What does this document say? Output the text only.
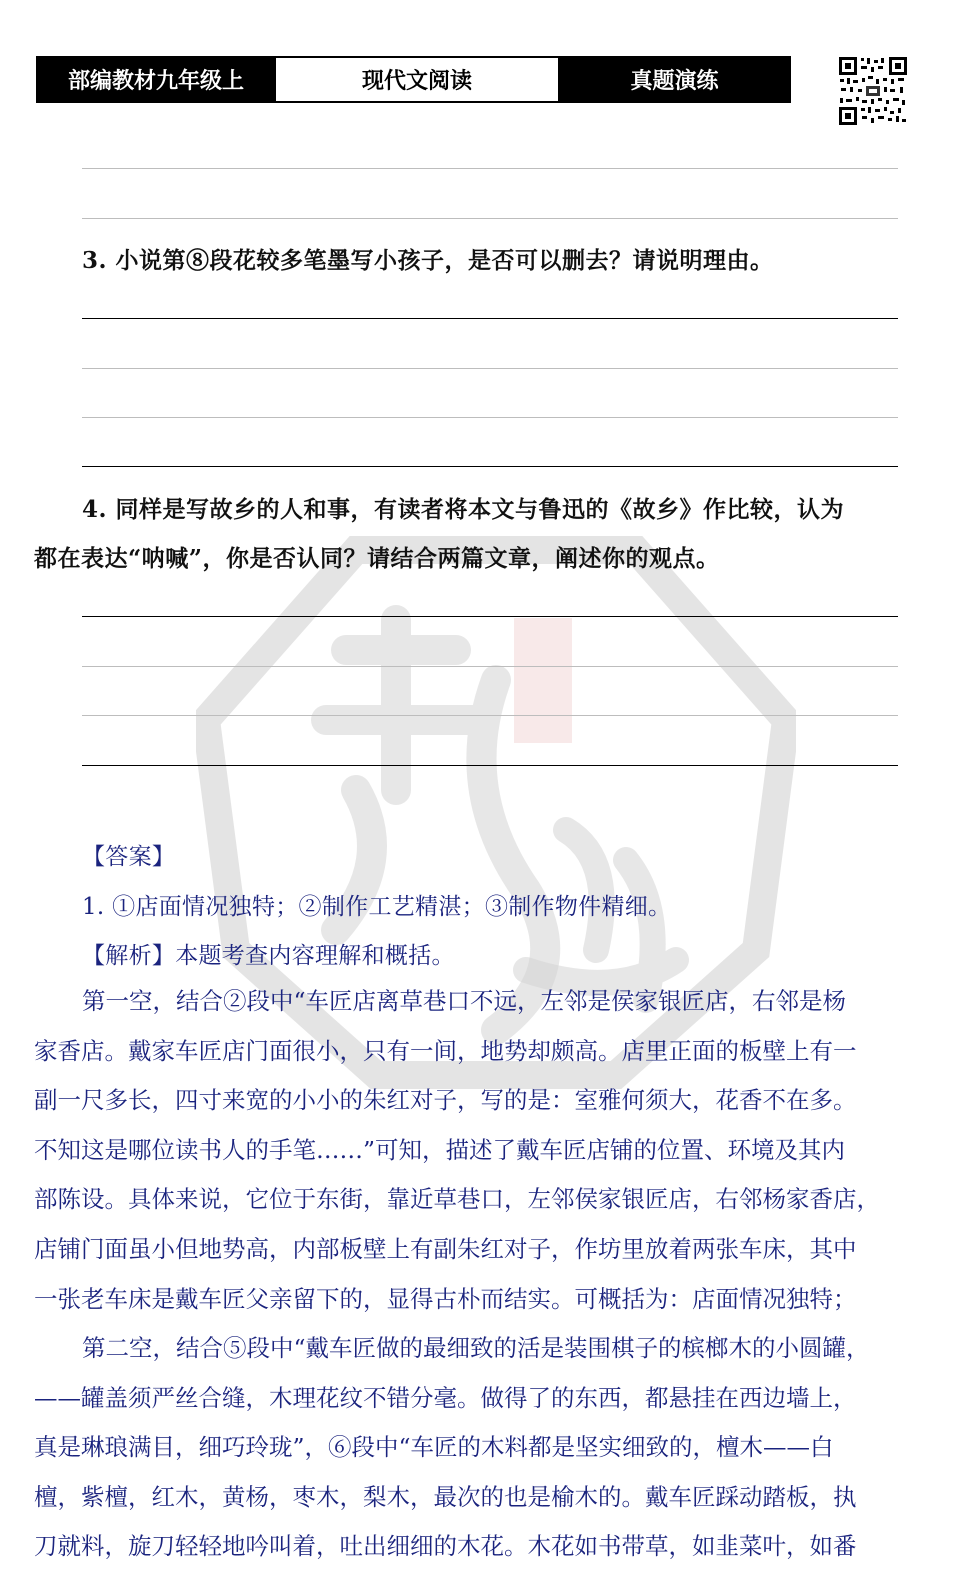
部编教材九年级上	现代文阅读	真题演练
3. 小说第⑧段花较多笔墨写小孩子，是否可以删去？请说明理由。
4. 同样是写故乡的人和事，有读者将本文与鲁迅的《故乡》作比较，认为
都在表达“呐喊”，你是否认同？请结合两篇文章，阐述你的观点。
【答案】
1. ①店面情况独特；②制作工艺精湛；③制作物件精细。
【解析】本题考查内容理解和概括。

第一空，结合②段中“车匠店离草巷口不远，左邻是侯家银匠店，右邻是杨

家香店。戴家车匠店门面很小，只有一间，地势却颇高。店里正面的板壁上有一

副一尺多长，四寸来宽的小小的朱红对子，写的是：室雅何须大，花香不在多。

不知这是哪位读书人的手笔……”可知，描述了戴车匠店铺的位置、环境及其内

部陈设。具体来说，它位于东街，靠近草巷口，左邻侯家银匠店，右邻杨家香店，

店铺门面虽小但地势高，内部板壁上有副朱红对子，作坊里放着两张车床，其中

一张老车床是戴车匠父亲留下的，显得古朴而结实。可概括为：店面情况独特；

第二空，结合⑤段中“戴车匠做的最细致的活是装围棋子的槟榔木的小圆罐，

——罐盖须严丝合缝，木理花纹不错分毫。做得了的东西，都悬挂在西边墙上，

真是琳琅满目，细巧玲珑”，⑥段中“车匠的木料都是坚实细致的，檀木——白

檀，紫檀，红木，黄杨，枣木，梨木，最次的也是榆木的。戴车匠踩动踏板，执

刀就料，旋刀轻轻地吟叫着，吐出细细的木花。木花如书带草，如韭菜叶，如番
